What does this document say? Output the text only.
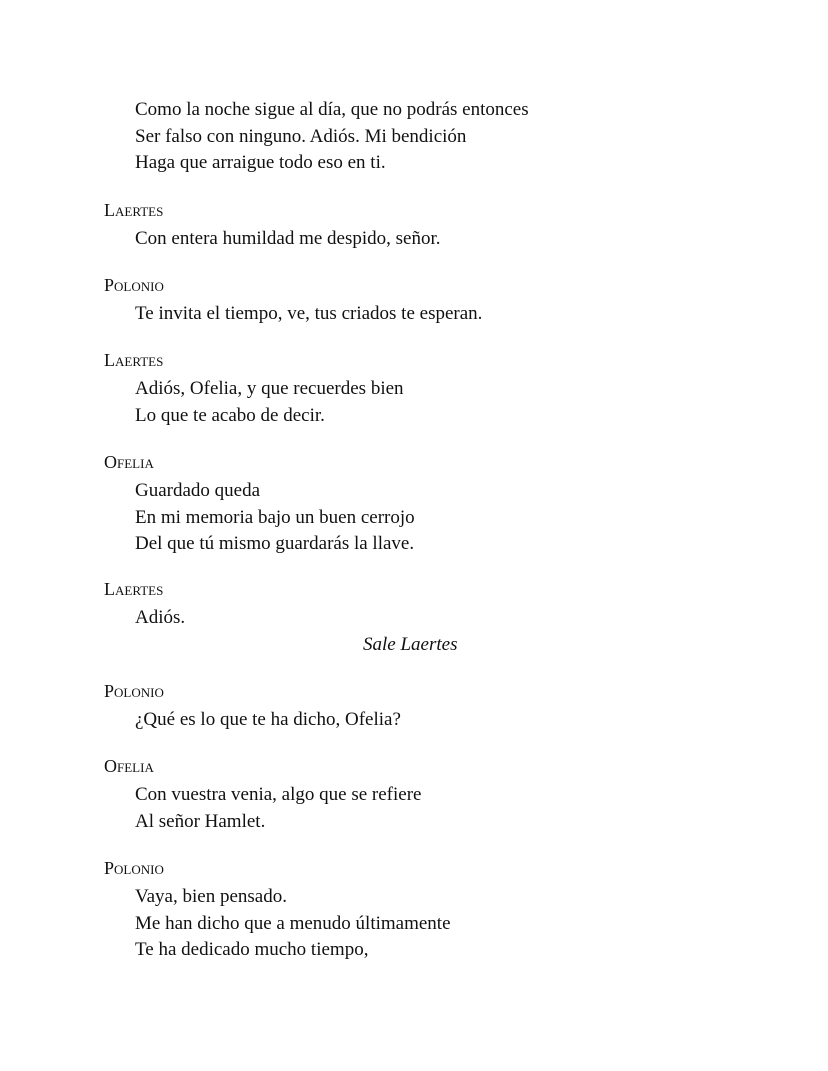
Como la noche sigue al día, que no podrás entonces
Ser falso con ninguno. Adiós. Mi bendición
Haga que arraigue todo eso en ti.
Laertes
Con entera humildad me despido, señor.
Polonio
Te invita el tiempo, ve, tus criados te esperan.
Laertes
Adiós, Ofelia, y que recuerdes bien
Lo que te acabo de decir.
Ofelia
Guardado queda
En mi memoria bajo un buen cerrojo
Del que tú mismo guardarás la llave.
Laertes
Adiós.
Sale Laertes
Polonio
¿Qué es lo que te ha dicho, Ofelia?
Ofelia
Con vuestra venia, algo que se refiere
Al señor Hamlet.
Polonio
Vaya, bien pensado.
Me han dicho que a menudo últimamente
Te ha dedicado mucho tiempo,
